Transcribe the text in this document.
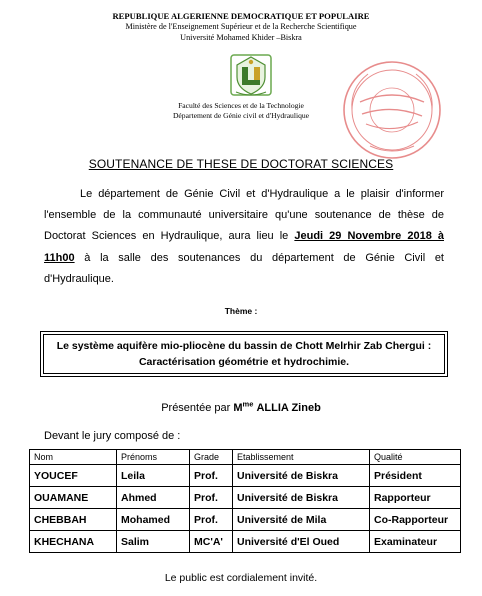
REPUBLIQUE ALGERIENNE DEMOCRATIQUE ET POPULAIRE
Ministère de l'Enseignement Supérieur et de la Recherche Scientifique
Université Mohamed Khider –Biskra
Faculté des Sciences et de la Technologie
Département de Génie civil et d'Hydraulique
SOUTENANCE DE THESE DE DOCTORAT SCIENCES
Le département de Génie Civil et d'Hydraulique a le plaisir d'informer l'ensemble de la communauté universitaire qu'une soutenance de thèse de Doctorat Sciences en Hydraulique, aura lieu le Jeudi 29 Novembre 2018 à 11h00 à la salle des soutenances du département de Génie Civil et d'Hydraulique.
Thème :
Le système aquifère mio-pliocène du bassin de Chott Melrhir Zab Chergui : Caractérisation géométrie et hydrochimie.
Présentée par $M^{me}$ ALLIA Zineb
Devant le jury composé de :
Nom	Prénoms	Grade	Etablissement	Qualité
YOUCEF	Leila	Prof.	Université de Biskra	Président
OUAMANE	Ahmed	Prof.	Université de Biskra	Rapporteur
CHEBBAH	Mohamed	Prof.	Université de Mila	Co-Rapporteur
KHECHANA	Salim	MC'A'	Université d'El Oued	Examinateur
Le public est cordialement invité.
